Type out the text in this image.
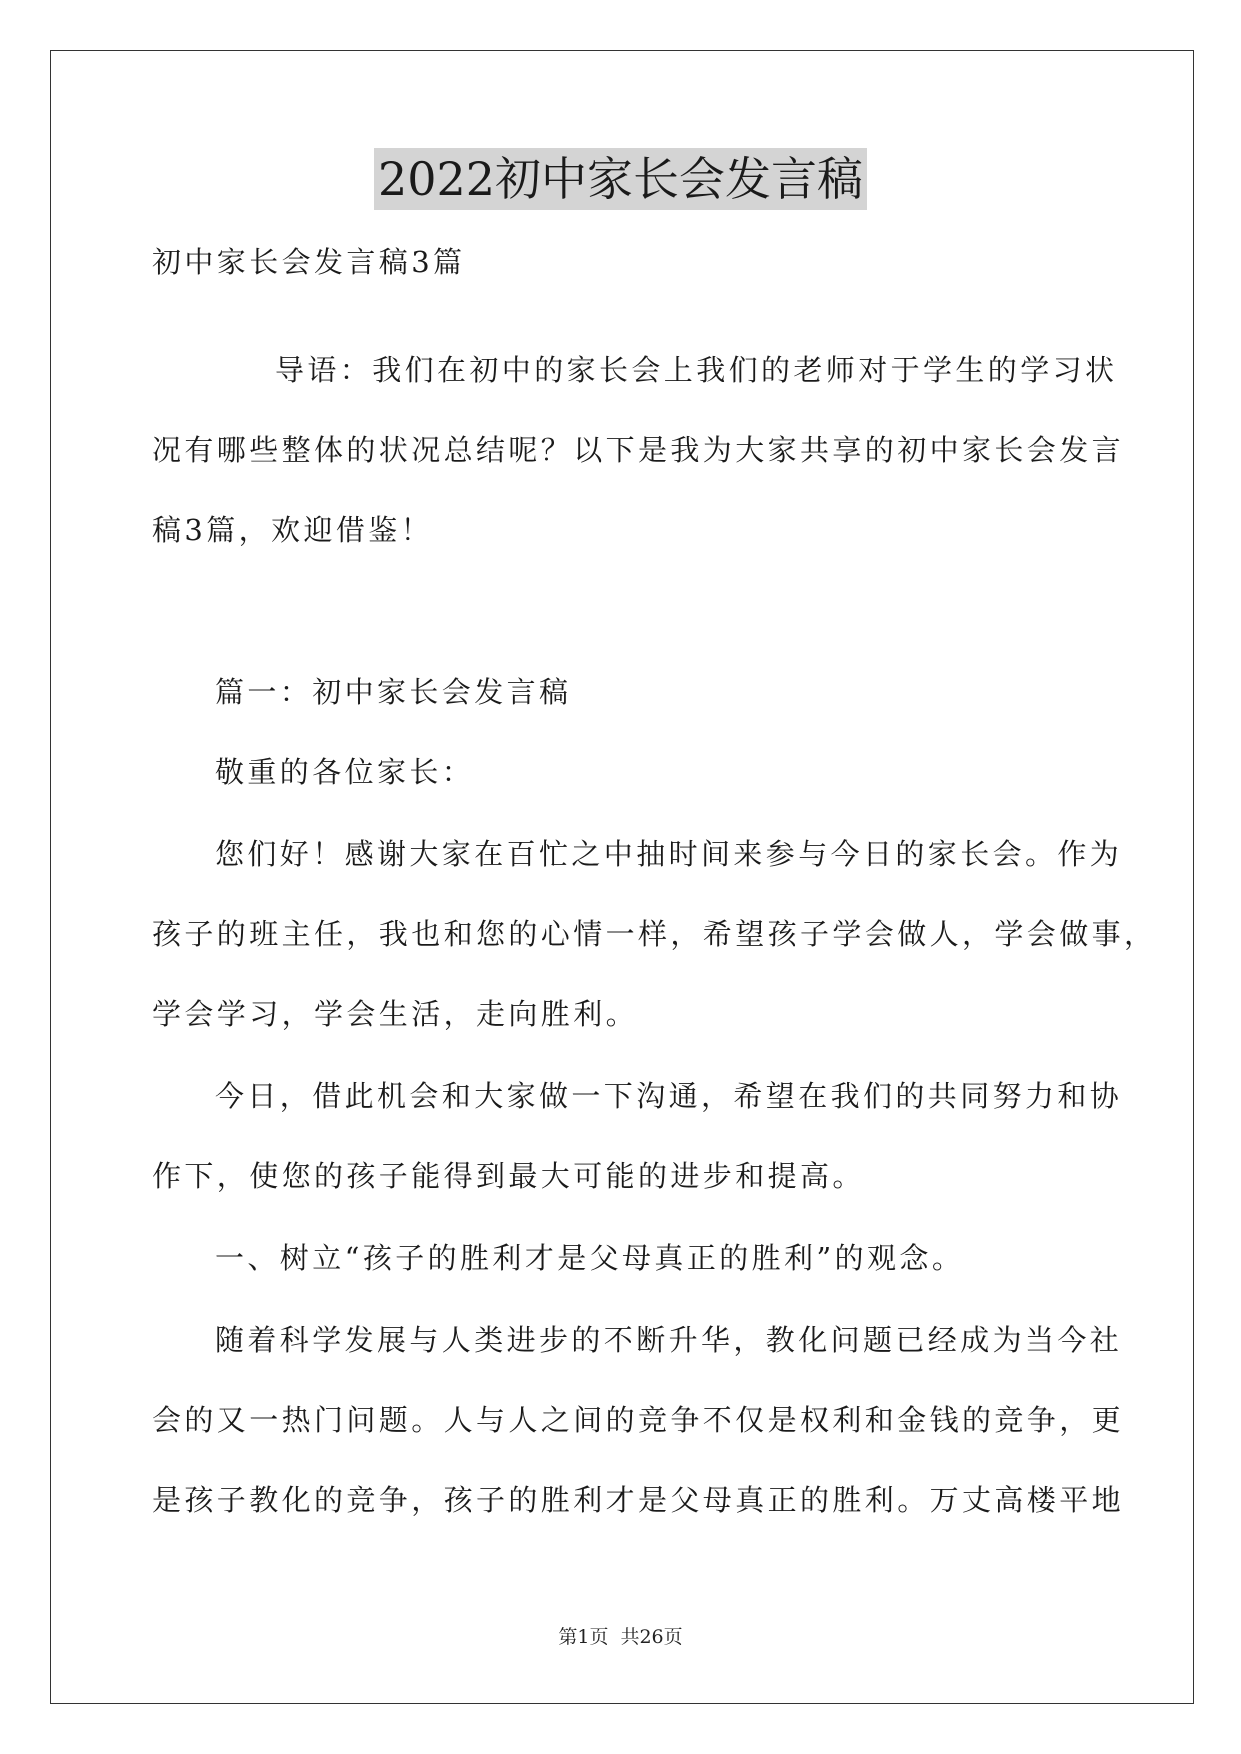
2022初中家长会发言稿
初中家长会发言稿3篇
导语：我们在初中的家长会上我们的老师对于学生的学习状
况有哪些整体的状况总结呢？以下是我为大家共享的初中家长会发言
稿3篇，欢迎借鉴！
篇一：初中家长会发言稿
敬重的各位家长：
您们好！感谢大家在百忙之中抽时间来参与今日的家长会。作为
孩子的班主任，我也和您的心情一样，希望孩子学会做人，学会做事，
学会学习，学会生活，走向胜利。
今日，借此机会和大家做一下沟通，希望在我们的共同努力和协
作下，使您的孩子能得到最大可能的进步和提高。
一、树立“孩子的胜利才是父母真正的胜利”的观念。
随着科学发展与人类进步的不断升华，教化问题已经成为当今社
会的又一热门问题。人与人之间的竞争不仅是权利和金钱的竞争，更
是孩子教化的竞争，孩子的胜利才是父母真正的胜利。万丈高楼平地
第1页 共26页
